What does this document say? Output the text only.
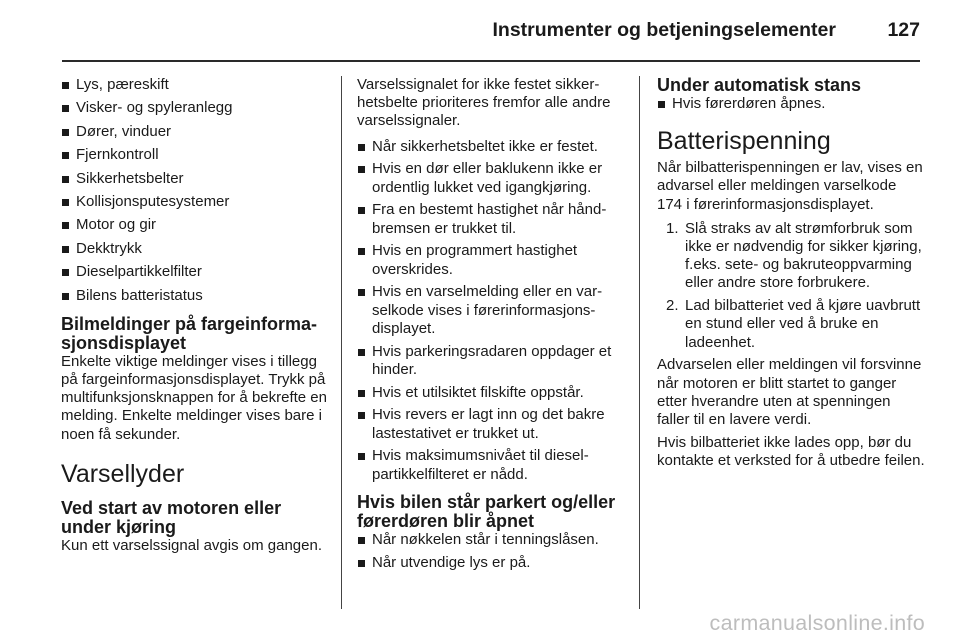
Instrumenter og betjeningselementer	127
Lys, pæreskift
Visker- og spyleranlegg
Dører, vinduer
Fjernkontroll
Sikkerhetsbelter
Kollisjonsputesystemer
Motor og gir
Dekktrykk
Dieselpartikkelfilter
Bilens batteristatus
Bilmeldinger på fargeinforma-
sjonsdisplayet

Enkelte viktige meldinger vises i tillegg på fargeinformasjonsdisplayet. Trykk på multifunksjonsknappen for å bekrefte en melding. Enkelte meldinger vises bare i noen få sekunder.

Varsellyder
Ved start av motoren eller under kjøring

Kun ett varselssignal avgis om gangen.

Varselssignalet for ikke festet sikkerhetsbelte prioriteres fremfor alle andre varselssignaler.

Når sikkerhetsbeltet ikke er festet.
Hvis en dør eller baklukenn ikke er ordentlig lukket ved igangkjøring.
Fra en bestemt hastighet når håndbremsen er trukket til.
Hvis en programmert hastighet overskrides.
Hvis en varselmelding eller en varselkode vises i førerinformasjonsdisplayet.
Hvis parkeringsradaren oppdager et hinder.
Hvis et utilsiktet filskifte oppstår.
Hvis revers er lagt inn og det bakre lastestativet er trukket ut.
Hvis maksimumsnivået til dieselpartikkelfilteret er nådd.
Hvis bilen står parkert og/eller førerdøren blir åpnet
Når nøkkelen står i tenningslåsen.
Når utvendige lys er på.
Under automatisk stans
Hvis førerdøren åpnes.
Batterispenning

Når bilbatterispenningen er lav, vises en advarsel eller meldingen varselkode 174 i førerinformasjonsdisplayet.

1. Slå straks av alt strømforbruk som ikke er nødvendig for sikker kjøring, f.eks. sete- og bakruteoppvarming eller andre store forbrukere.
2. Lad bilbatteriet ved å kjøre uavbrutt en stund eller ved å bruke en ladeenhet.

Advarselen eller meldingen vil forsvinne når motoren er blitt startet to ganger etter hverandre uten at spenningen faller til en lavere verdi.

Hvis bilbatteriet ikke lades opp, bør du kontakte et verksted for å utbedre feilen.

carmanualsonline.info
